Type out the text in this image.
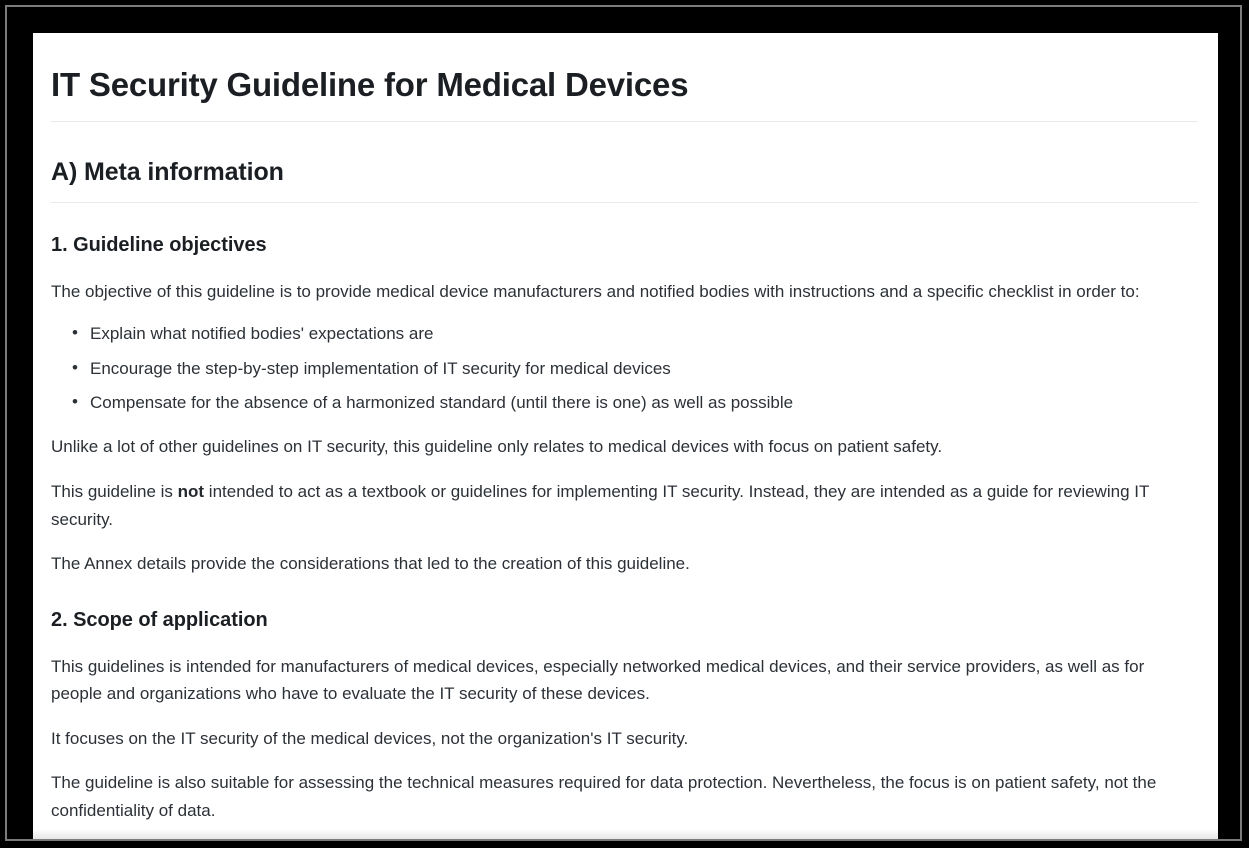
IT Security Guideline for Medical Devices
A) Meta information
1. Guideline objectives

The objective of this guideline is to provide medical device manufacturers and notified bodies with instructions and a specific checklist in order to:

• Explain what notified bodies' expectations are
• Encourage the step-by-step implementation of IT security for medical devices
• Compensate for the absence of a harmonized standard (until there is one) as well as possible

Unlike a lot of other guidelines on IT security, this guideline only relates to medical devices with focus on patient safety.

This guideline is not intended to act as a textbook or guidelines for implementing IT security. Instead, they are intended as a guide for reviewing IT security.

The Annex details provide the considerations that led to the creation of this guideline.

2. Scope of application

This guidelines is intended for manufacturers of medical devices, especially networked medical devices, and their service providers, as well as for people and organizations who have to evaluate the IT security of these devices.

It focuses on the IT security of the medical devices, not the organization's IT security.

The guideline is also suitable for assessing the technical measures required for data protection. Nevertheless, the focus is on patient safety, not the confidentiality of data.
